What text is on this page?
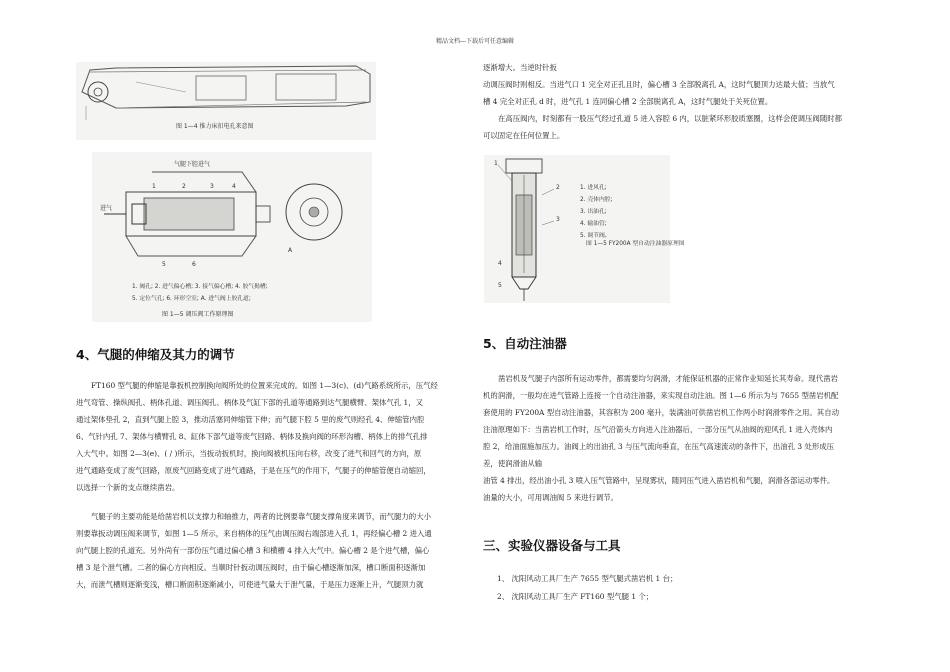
精品文档---下载后可任意编辑
图 1—4 推力床扣电孔来意图
气腿下腔进气
1	2	3	4
5	6
A
进气
1. 阀孔; 2. 进气偏心槽; 3. 接气偏心槽; 4. 胶气揭槽;
5. 定位气孔; 6. 环形空室; A. 进气阀上胶孔道;
图 1—5 调压阀工作原理图
4、气腿的伸缩及其力的调节
FT160 型气腿的伸缩是靠扳机控制换向阀所处的位置来完成的。如图 1—3(c)、(d)气路系统所示，压气经
进气弯管、操纵阀孔、柄体孔道、调压阀孔、柄体及气缸下部的孔道等通路到达气腿横臂、架体气孔 1，又
通过架体垫孔 2，直到气腿上腔 3，推动活塞同伸缩管下伸；而气腿下腔 5 里的废气则经孔 4、伸缩管内腔
6、气针内孔 7、架体与横臂孔 8、缸体下部气道等废气回路、柄体及换向阀的环形沟槽、柄体上的排气孔排
入大气中。如图 2—3(e)、( / )所示，当扳动扳机时，换向阀被机压向右移，改变了进气和回气的方向，原
进气通路变成了废气回路，原废气回路变成了进气通路，于是在压气的作用下，气腿子的伸缩管便自动缩回，
以选择一个新的支点继续凿岩。
气腿子的主要功能是给凿岩机以支撑力和轴推力，两者的比例要靠气腿支撑角度来调节，而气腿力的大小
则要靠扳动调压阀来调节，如图 1—5 所示，来自柄体的压气由调压阀右端部进入孔 1，再经偏心槽 2 进入通
向气腿上腔的孔道充。另外尚有一部份压气通过偏心槽 3 和横槽 4 排入大气中。偏心槽 2 是个进气槽，偏心
槽 3 是个泄气槽。二者的偏心方向相反。当顺时针扳动调压阀时，由于偏心槽逐渐加深，槽口断面积逐渐加
大，而泄气槽则逐渐变浅，槽口断面积逐渐减小，可使进气量大于泄气量，于是压力逐渐上升，气腿顶力就
逐渐增大。当逆时针扳
动调压阀时则相反。当进气口 1 完全对正孔且时，偏心槽 3 全部脱离孔 A，这时气腿顶力达最大值；当放气
槽 4 完全对正孔 d 时，进气孔 1 连同偏心槽 2 全部脱离孔 A，这时气腿处于关死位置。
在高压阀内，时刻都有一股压气经过孔道 5 进入容腔 6 内，以脏紧环形胶质塞圈，这样会使调压阀随时都
可以固定在任何位置上。
1
2
3
4
5
1. 进风孔;
2. 壳体内腔;
3. 出油孔;
4. 输油管;
5. 调节阀。
图 1—5 FY200A 型自动注油器原理图
5、自动注油器
凿岩机及气腿子内部所有运动零件，都需要均匀润滑，才能保证机器的正常作业知延长其寿命。现代凿岩
机的润滑，一般均在进气管路上连接一个自动注油器，来实现自动注油。图 1—6 所示为与 7655 型凿岩机配
套使用的 FY200A 型自动注油器，其容积为 200 毫升，装满油可供凿岩机工作两小时润滑零件之用。其自动
注油原理如下：当凿岩机工作时，压气沿箭头方向进入注油器后，一部分压气从油阀的迎风孔 1 进入壳体内
腔 2，给油面施加压力。油阀上的出油孔 3 与压气流向垂直，在压气高速流动的条件下，出油孔 3 处形成压
差，使润滑油从输
油管 4 排出，经出油小孔 3 喷入压气管路中，呈现雾状，随同压气进入凿岩机和气腿，润滑各部运动零件。
油量的大小，可用调油阀 5 来进行调节。
三、实验仪器设备与工具
1、 沈阳风动工具厂生产 7655 型气腿式凿岩机 1 台；
2、 沈阳风动工具厂生产 FT160 型气腿 1 个；
